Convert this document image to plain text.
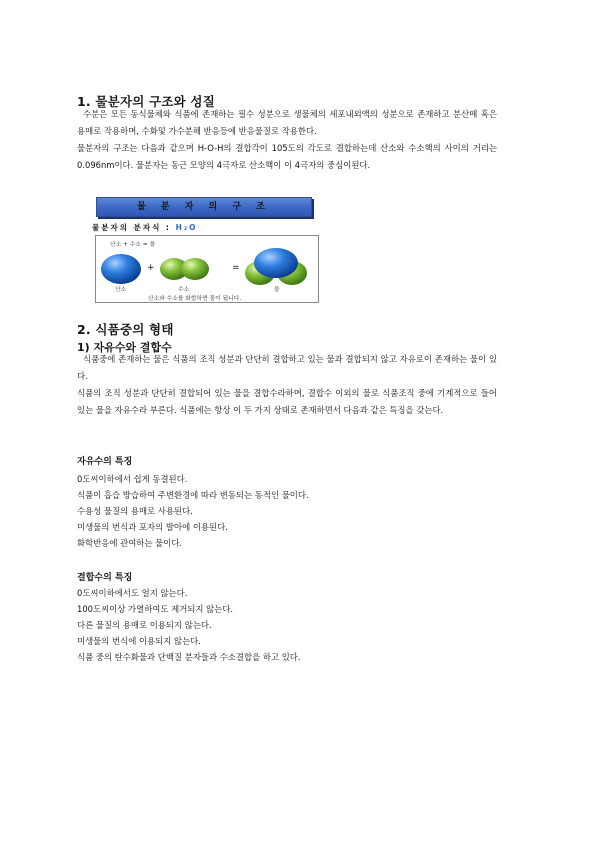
1. 물분자의 구조와 성질

수분은 모든 동식물체와 식품에 존재하는 필수 성분으로 생물체의 세포내외액의 성분으로 존재하고 분산매 혹은 용매로 작용하며, 수화및 가수분해 반응등에 반응물질로 작용한다.

물분자의 구조는 다음과 같으며 H-O-H의 결합각이 105도의 각도로 결합하는데 산소와 수소핵의 사이의 거리는 0.096nm이다. 물분자는 동근 모양의 4극자로 산소핵이 이 4극자의 중심이된다.

물 분 자 의 구 조
물분자의 분자식 : H₂O
산소 + 수소 = 물
+	=
산소	수소	물
산소와 수소를 화합하면 물이 됩니다.
2. 식품중의 형태
1) 자유수와 결합수

식품중에 존재하는 물은 식품의 조직 성분과 단단히 결합하고 있는 물과 결합되지 않고 자유로이 존재하는 물이 있다.

식품의 조직 성분과 단단히 결합되어 있는 물을 결합수라하며, 결합수 이외의 물로 식품조직 중에 기계적으로 들어 있는 물을 자유수라 부른다. 식품에는 항상 이 두 가지 상태로 존재하면서 다음과 같은 특징을 갖는다.

자유수의 특징
0도씨이하에서 쉽게 동결된다.
식품이 흡습 방습하여 주변환경에 따라 변동되는 동적인 물이다.
수용성 물질의 용매로 사용된다.
미생물의 번식과 포자의 발아에 이용된다.
화학반응에 관여하는 물이다.
결합수의 특징
0도씨이하에서도 얼지 않는다.
100도씨이상 가열하여도 제거되지 않는다.
다른 물질의 용매로 이용되지 않는다.
미생물의 번식에 이용되지 않는다.
식품 중의 탄수화물과 단백질 분자들과 수소결합을 하고 있다.
